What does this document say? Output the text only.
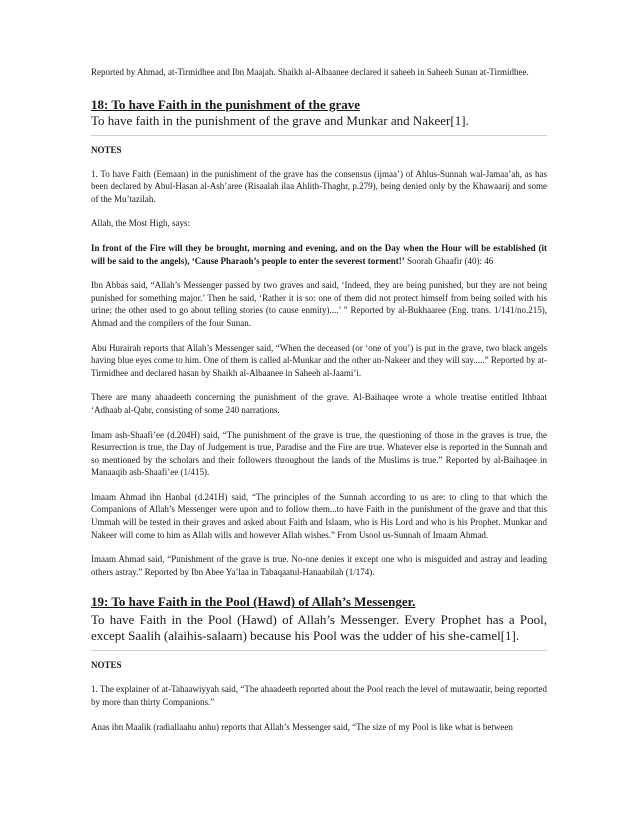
Reported by Ahmad, at-Tirmidhee and Ibn Maajah. Shaikh al-Albaanee declared it saheeh in Saheeh Sunan at-Tirmidhee.

18: To have Faith in the punishment of the grave

To have faith in the punishment of the grave and Munkar and Nakeer[1].

NOTES

1. To have Faith (Eemaan) in the punishment of the grave has the consensus (ijmaa’) of Ahlus-Sunnah wal-Jamaa’ah, as has been declared by Abul-Hasan al-Ash’aree (Risaalah ilaa Ahlith-Thaghr, p.279), being denied only by the Khawaarij and some of the Mu’tazilah.

Allah, the Most High, says:

In front of the Fire will they be brought, morning and evening, and on the Day when the Hour will be established (it will be said to the angels), ‘Cause Pharaoh’s people to enter the severest torment!’ Soorah Ghaafir (40): 46

Ibn Abbas said, “Allah’s Messenger passed by two graves and said, ‘Indeed, they are being punished, but they are not being punished for something major.’ Then he said, ‘Rather it is so: one of them did not protect himself from being soiled with his urine; the other used to go about telling stories (to cause enmity)....’ ” Reported by al-Bukhaaree (Eng. trans. 1/141/no.215), Ahmad and the compilers of the four Sunan.

Abu Hurairah reports that Allah’s Messenger said, “When the deceased (or ‘one of you’) is put in the grave, two black angels having blue eyes come to him. One of them is called al-Munkar and the other an-Nakeer and they will say.....” Reported by at-Tirmidhee and declared hasan by Shaikh al-Albaanee in Saheeh al-Jaami’i.

There are many ahaadeeth concerning the punishment of the grave. Al-Baihaqee wrote a whole treatise entitled Ithbaat ‘Adhaab al-Qabr, consisting of some 240 narrations.

Imam ash-Shaafi’ee (d.204H) said, “The punishment of the grave is true, the questioning of those in the graves is true, the Resurrection is true, the Day of Judgement is true, Paradise and the Fire are true. Whatever else is reported in the Sunnah and so mentioned by the scholars and their followers throughout the lands of the Muslims is true.” Reported by al-Baihaqee in Manaaqib ash-Shaafi’ee (1/415).

Imaam Ahmad ibn Hanbal (d.241H) said, “The principles of the Sunnah according to us are: to cling to that which the Companions of Allah’s Messenger were upon and to follow them...to have Faith in the punishment of the grave and that this Ummah will be tested in their graves and asked about Faith and Islaam, who is His Lord and who is his Prophet. Munkar and Nakeer will come to him as Allah wills and however Allah wishes.” From Usool us-Sunnah of Imaam Ahmad.

Imaam Ahmad said, “Punishment of the grave is true. No-one denies it except one who is misguided and astray and leading others astray.” Reported by Ibn Abee Ya’laa in Tabaqaatul-Hanaabilah (1/174).

19: To have Faith in the Pool (Hawd) of Allah’s Messenger.

To have Faith in the Pool (Hawd) of Allah’s Messenger. Every Prophet has a Pool, except Saalih (alaihis-salaam) because his Pool was the udder of his she-camel[1].

NOTES

1. The explainer of at-Tahaawiyyah said, “The ahaadeeth reported about the Pool reach the level of mutawaatir, being reported by more than thirty Companions.”

Anas ibn Maalik (radiallaahu anhu) reports that Allah’s Messenger said, “The size of my Pool is like what is between
